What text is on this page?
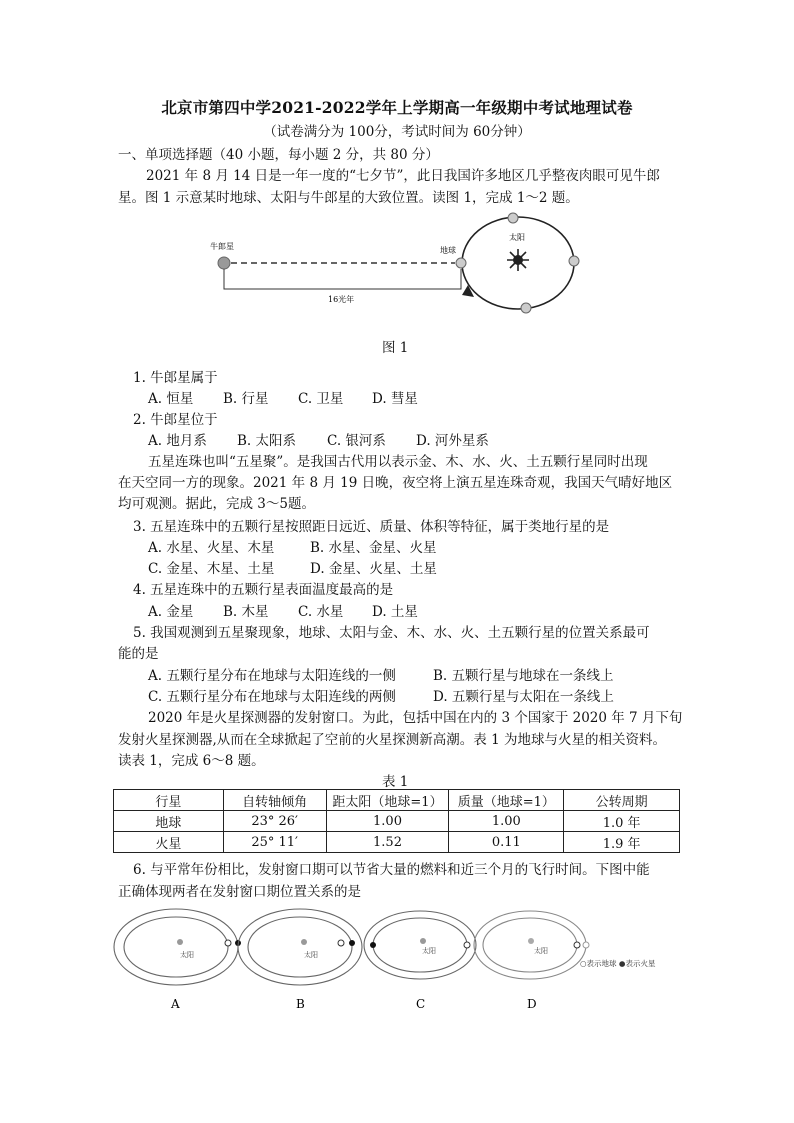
北京市第四中学2021-2022学年上学期高一年级期中考试地理试卷
（试卷满分为 100分，考试时间为 60分钟）
一、单项选择题（40 小题，每小题 2 分，共 80 分）
2021 年 8 月 14 日是一年一度的“七夕节”，此日我国许多地区几乎整夜肉眼可见牛郎
星。图 1 示意某时地球、太阳与牛郎星的大致位置。读图 1，完成 1～2 题。
太阳
牛郎星	地球
16光年
图 1
1. 牛郎星属于
A. 恒星 B. 行星 C. 卫星 D. 彗星
2. 牛郎星位于
A. 地月系 B. 太阳系 C. 银河系 D. 河外星系
五星连珠也叫“五星聚”。是我国古代用以表示金、木、水、火、土五颗行星同时出现
在天空同一方的现象。2021 年 8 月 19 日晚，夜空将上演五星连珠奇观，我国天气晴好地区
均可观测。据此，完成 3～5题。
3. 五星连珠中的五颗行星按照距日远近、质量、体积等特征，属于类地行星的是
A. 水星、火星、木星	B. 水星、金星、火星
C. 金星、木星、土星	D. 金星、火星、土星
4. 五星连珠中的五颗行星表面温度最高的是
A. 金星 B. 木星 C. 水星 D. 土星
5. 我国观测到五星聚现象，地球、太阳与金、木、水、火、土五颗行星的位置关系最可
能的是
A. 五颗行星分布在地球与太阳连线的一侧	B. 五颗行星与地球在一条线上
C. 五颗行星分布在地球与太阳连线的两侧	D. 五颗行星与太阳在一条线上
2020 年是火星探测器的发射窗口。为此，包括中国在内的 3 个国家于 2020 年 7 月下旬
发射火星探测器,从而在全球掀起了空前的火星探测新高潮。表 1 为地球与火星的相关资料。
读表 1，完成 6～8 题。
表 1
行星	自转轴倾角	距太阳（地球=1）	质量（地球=1）	公转周期
地球	23° 26′	1.00	1.00	1.0 年
火星	25° 11′	1.52	0.11	1.9 年
6. 与平常年份相比，发射窗口期可以节省大量的燃料和近三个月的飞行时间。下图中能
正确体现两者在发射窗口期位置关系的是
太阳	太阳	太阳	太阳
○表示地球 ●表示火星
A	B	C	D
